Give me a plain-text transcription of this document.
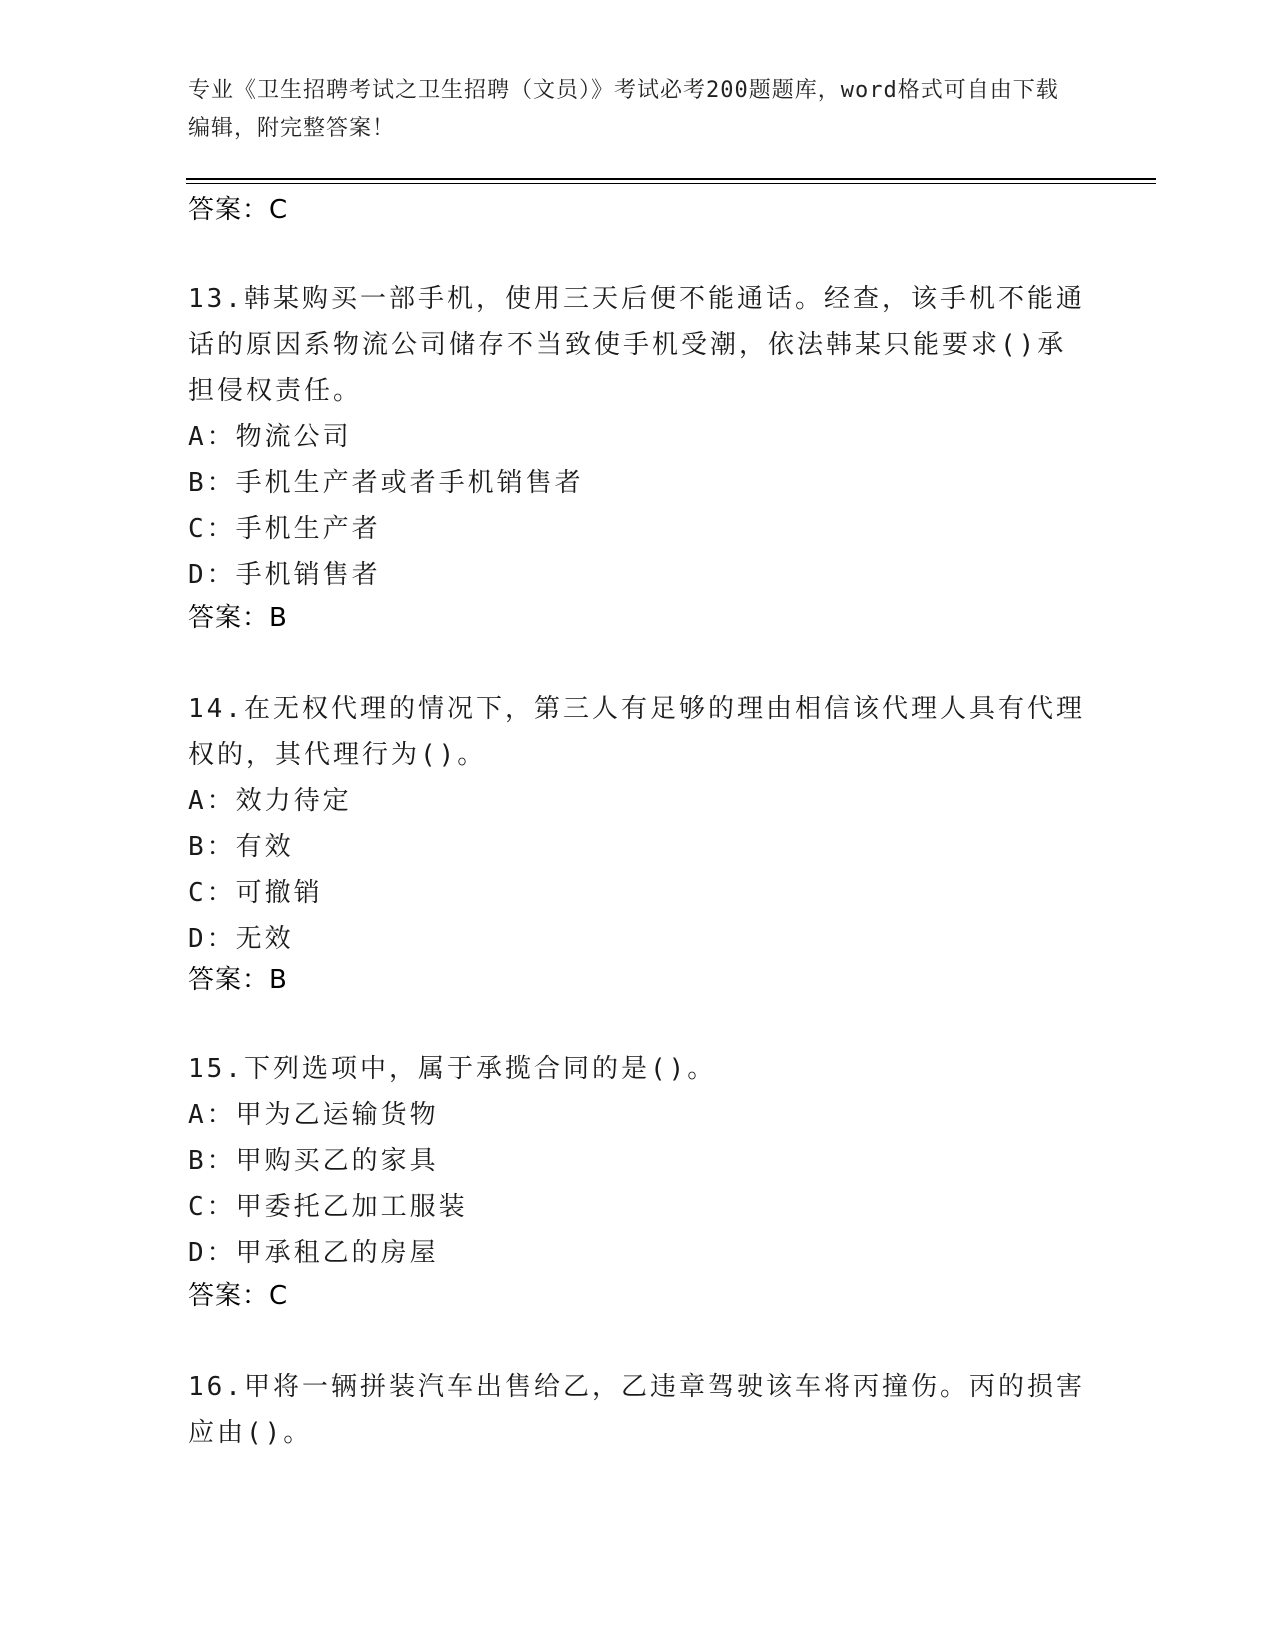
专业《卫生招聘考试之卫生招聘（文员）》考试必考200题题库，word格式可自由下载编辑，附完整答案！
答案：C

13.韩某购买一部手机，使用三天后便不能通话。经查，该手机不能通话的原因系物流公司储存不当致使手机受潮，依法韩某只能要求()承担侵权责任。

A：物流公司

B：手机生产者或者手机销售者

C：手机生产者

D：手机销售者

答案：B

14.在无权代理的情况下，第三人有足够的理由相信该代理人具有代理权的，其代理行为()。

A：效力待定

B：有效

C：可撤销

D：无效

答案：B

15.下列选项中，属于承揽合同的是()。

A：甲为乙运输货物

B：甲购买乙的家具

C：甲委托乙加工服装

D：甲承租乙的房屋

答案：C

16.甲将一辆拼装汽车出售给乙，乙违章驾驶该车将丙撞伤。丙的损害应由()。
